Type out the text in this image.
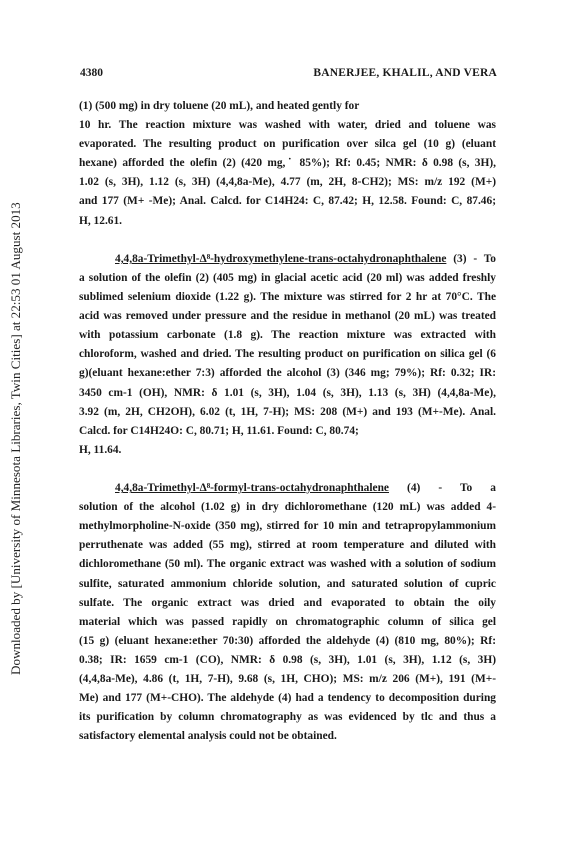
Downloaded by [University of Minnesota Libraries, Twin Cities] at 22:53 01 August 2013
4380	BANERJEE, KHALIL, AND VERA
(1) (500 mg) in dry toluene (20 mL), and heated gently for
10 hr. The reaction mixture was washed with water, dried and toluene was
evaporated. The resulting product on purification over silca gel (10 g) (eluant
hexane) afforded the olefin (2) (420 mg,˙ 85%); Rf: 0.45; NMR: δ 0.98 (s, 3H),
1.02 (s, 3H), 1.12 (s, 3H) (4,4,8a-Me), 4.77 (m, 2H, 8-CH2); MS: m/z 192 (M+)
and 177 (M+ -Me); Anal. Calcd. for C14H24: C, 87.42; H, 12.58. Found: C, 87.46;
H, 12.61.
4,4,8a-Trimethyl-Δ⁸-hydroxymethylene-trans-octahydronaphthalene (3) - To
a solution of the olefin (2) (405 mg) in glacial acetic acid (20 ml) was added freshly
sublimed selenium dioxide (1.22 g). The mixture was stirred for 2 hr at 70°C. The
acid was removed under pressure and the residue in methanol (20 mL) was treated
with potassium carbonate (1.8 g). The reaction mixture was extracted with
chloroform, washed and dried. The resulting product on purification on silica gel (6
g)(eluant hexane:ether 7:3) afforded the alcohol (3) (346 mg; 79%); Rf: 0.32; IR:
3450 cm-1 (OH), NMR: δ 1.01 (s, 3H), 1.04 (s, 3H), 1.13 (s, 3H) (4,4,8a-Me),
3.92 (m, 2H, CH2OH), 6.02 (t, 1H, 7-H); MS: 208 (M+) and 193 (M+-Me). Anal.
Calcd. for C14H24O: C, 80.71; H, 11.61. Found: C, 80.74;
H, 11.64.
4,4,8a-Trimethyl-Δ⁸-formyl-trans-octahydronaphthalene (4) - To a
solution of the alcohol (1.02 g) in dry dichloromethane (120 mL) was added 4-
methylmorpholine-N-oxide (350 mg), stirred for 10 min and tetrapropylammonium
perruthenate was added (55 mg), stirred at room temperature and diluted with
dichloromethane (50 ml). The organic extract was washed with a solution of sodium
sulfite, saturated ammonium chloride solution, and saturated solution of cupric
sulfate. The organic extract was dried and evaporated to obtain the oily
material which was passed rapidly on chromatographic column of silica gel
(15 g) (eluant hexane:ether 70:30) afforded the aldehyde (4) (810 mg, 80%); Rf:
0.38; IR: 1659 cm-1 (CO), NMR: δ 0.98 (s, 3H), 1.01 (s, 3H), 1.12 (s, 3H)
(4,4,8a-Me), 4.86 (t, 1H, 7-H), 9.68 (s, 1H, CHO); MS: m/z 206 (M+), 191 (M+-
Me) and 177 (M+-CHO). The aldehyde (4) had a tendency to decomposition during
its purification by column chromatography as was evidenced by tlc and thus a
satisfactory elemental analysis could not be obtained.
